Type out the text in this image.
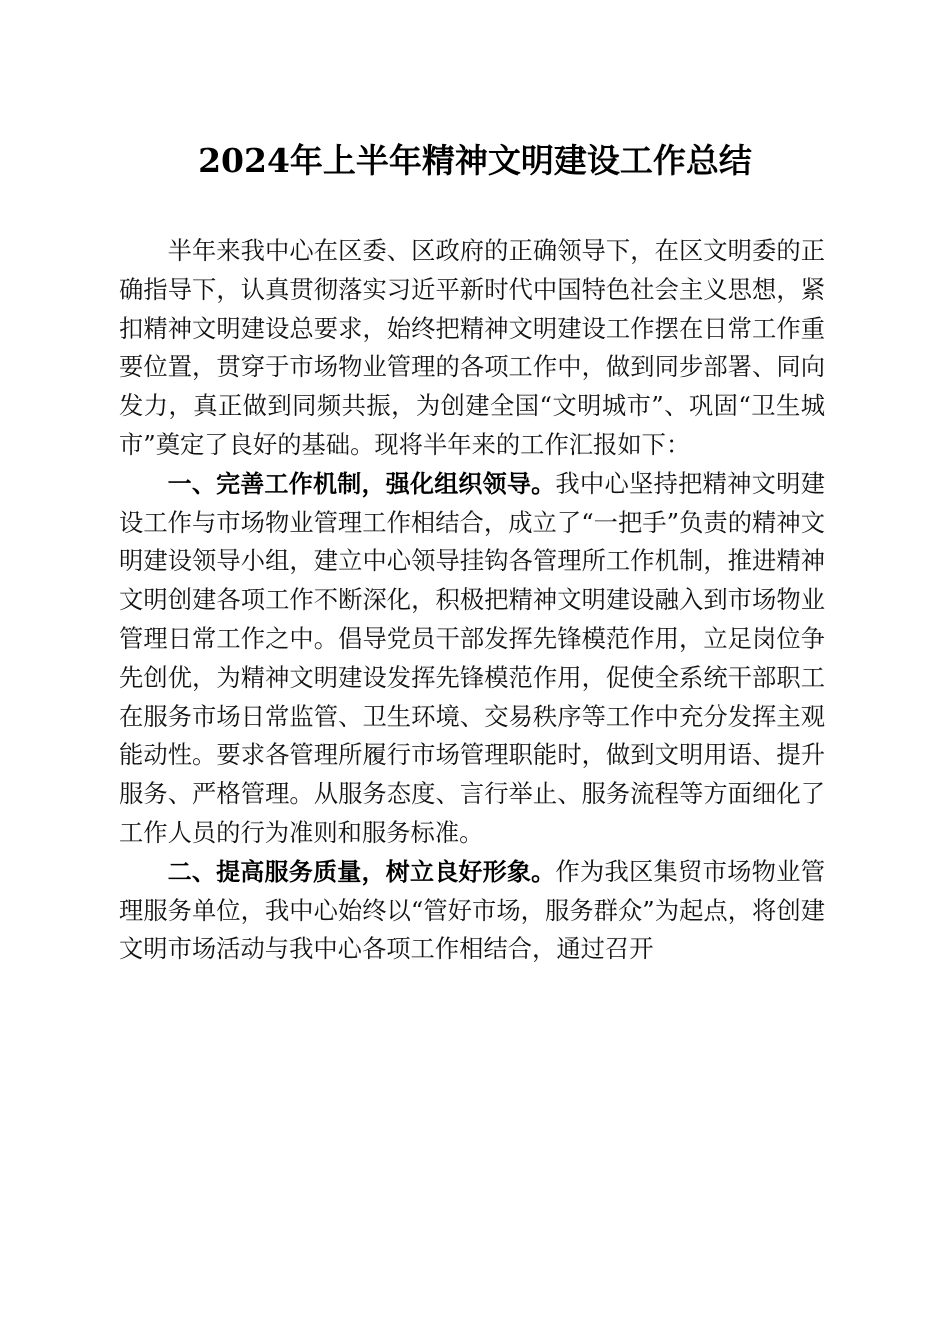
2024年上半年精神文明建设工作总结

半年来我中心在区委、区政府的正确领导下，在区文明委的正确指导下，认真贯彻落实习近平新时代中国特色社会主义思想，紧扣精神文明建设总要求，始终把精神文明建设工作摆在日常工作重要位置，贯穿于市场物业管理的各项工作中，做到同步部署、同向发力，真正做到同频共振，为创建全国“文明城市”、巩固“卫生城市”奠定了良好的基础。现将半年来的工作汇报如下：

一、完善工作机制，强化组织领导。我中心坚持把精神文明建设工作与市场物业管理工作相结合，成立了“一把手”负责的精神文明建设领导小组，建立中心领导挂钩各管理所工作机制，推进精神文明创建各项工作不断深化，积极把精神文明建设融入到市场物业管理日常工作之中。倡导党员干部发挥先锋模范作用，立足岗位争先创优，为精神文明建设发挥先锋模范作用，促使全系统干部职工在服务市场日常监管、卫生环境、交易秩序等工作中充分发挥主观能动性。要求各管理所履行市场管理职能时，做到文明用语、提升服务、严格管理。从服务态度、言行举止、服务流程等方面细化了工作人员的行为准则和服务标准。

二、提高服务质量，树立良好形象。作为我区集贸市场物业管理服务单位，我中心始终以“管好市场，服务群众”为起点，将创建文明市场活动与我中心各项工作相结合，通过召开
